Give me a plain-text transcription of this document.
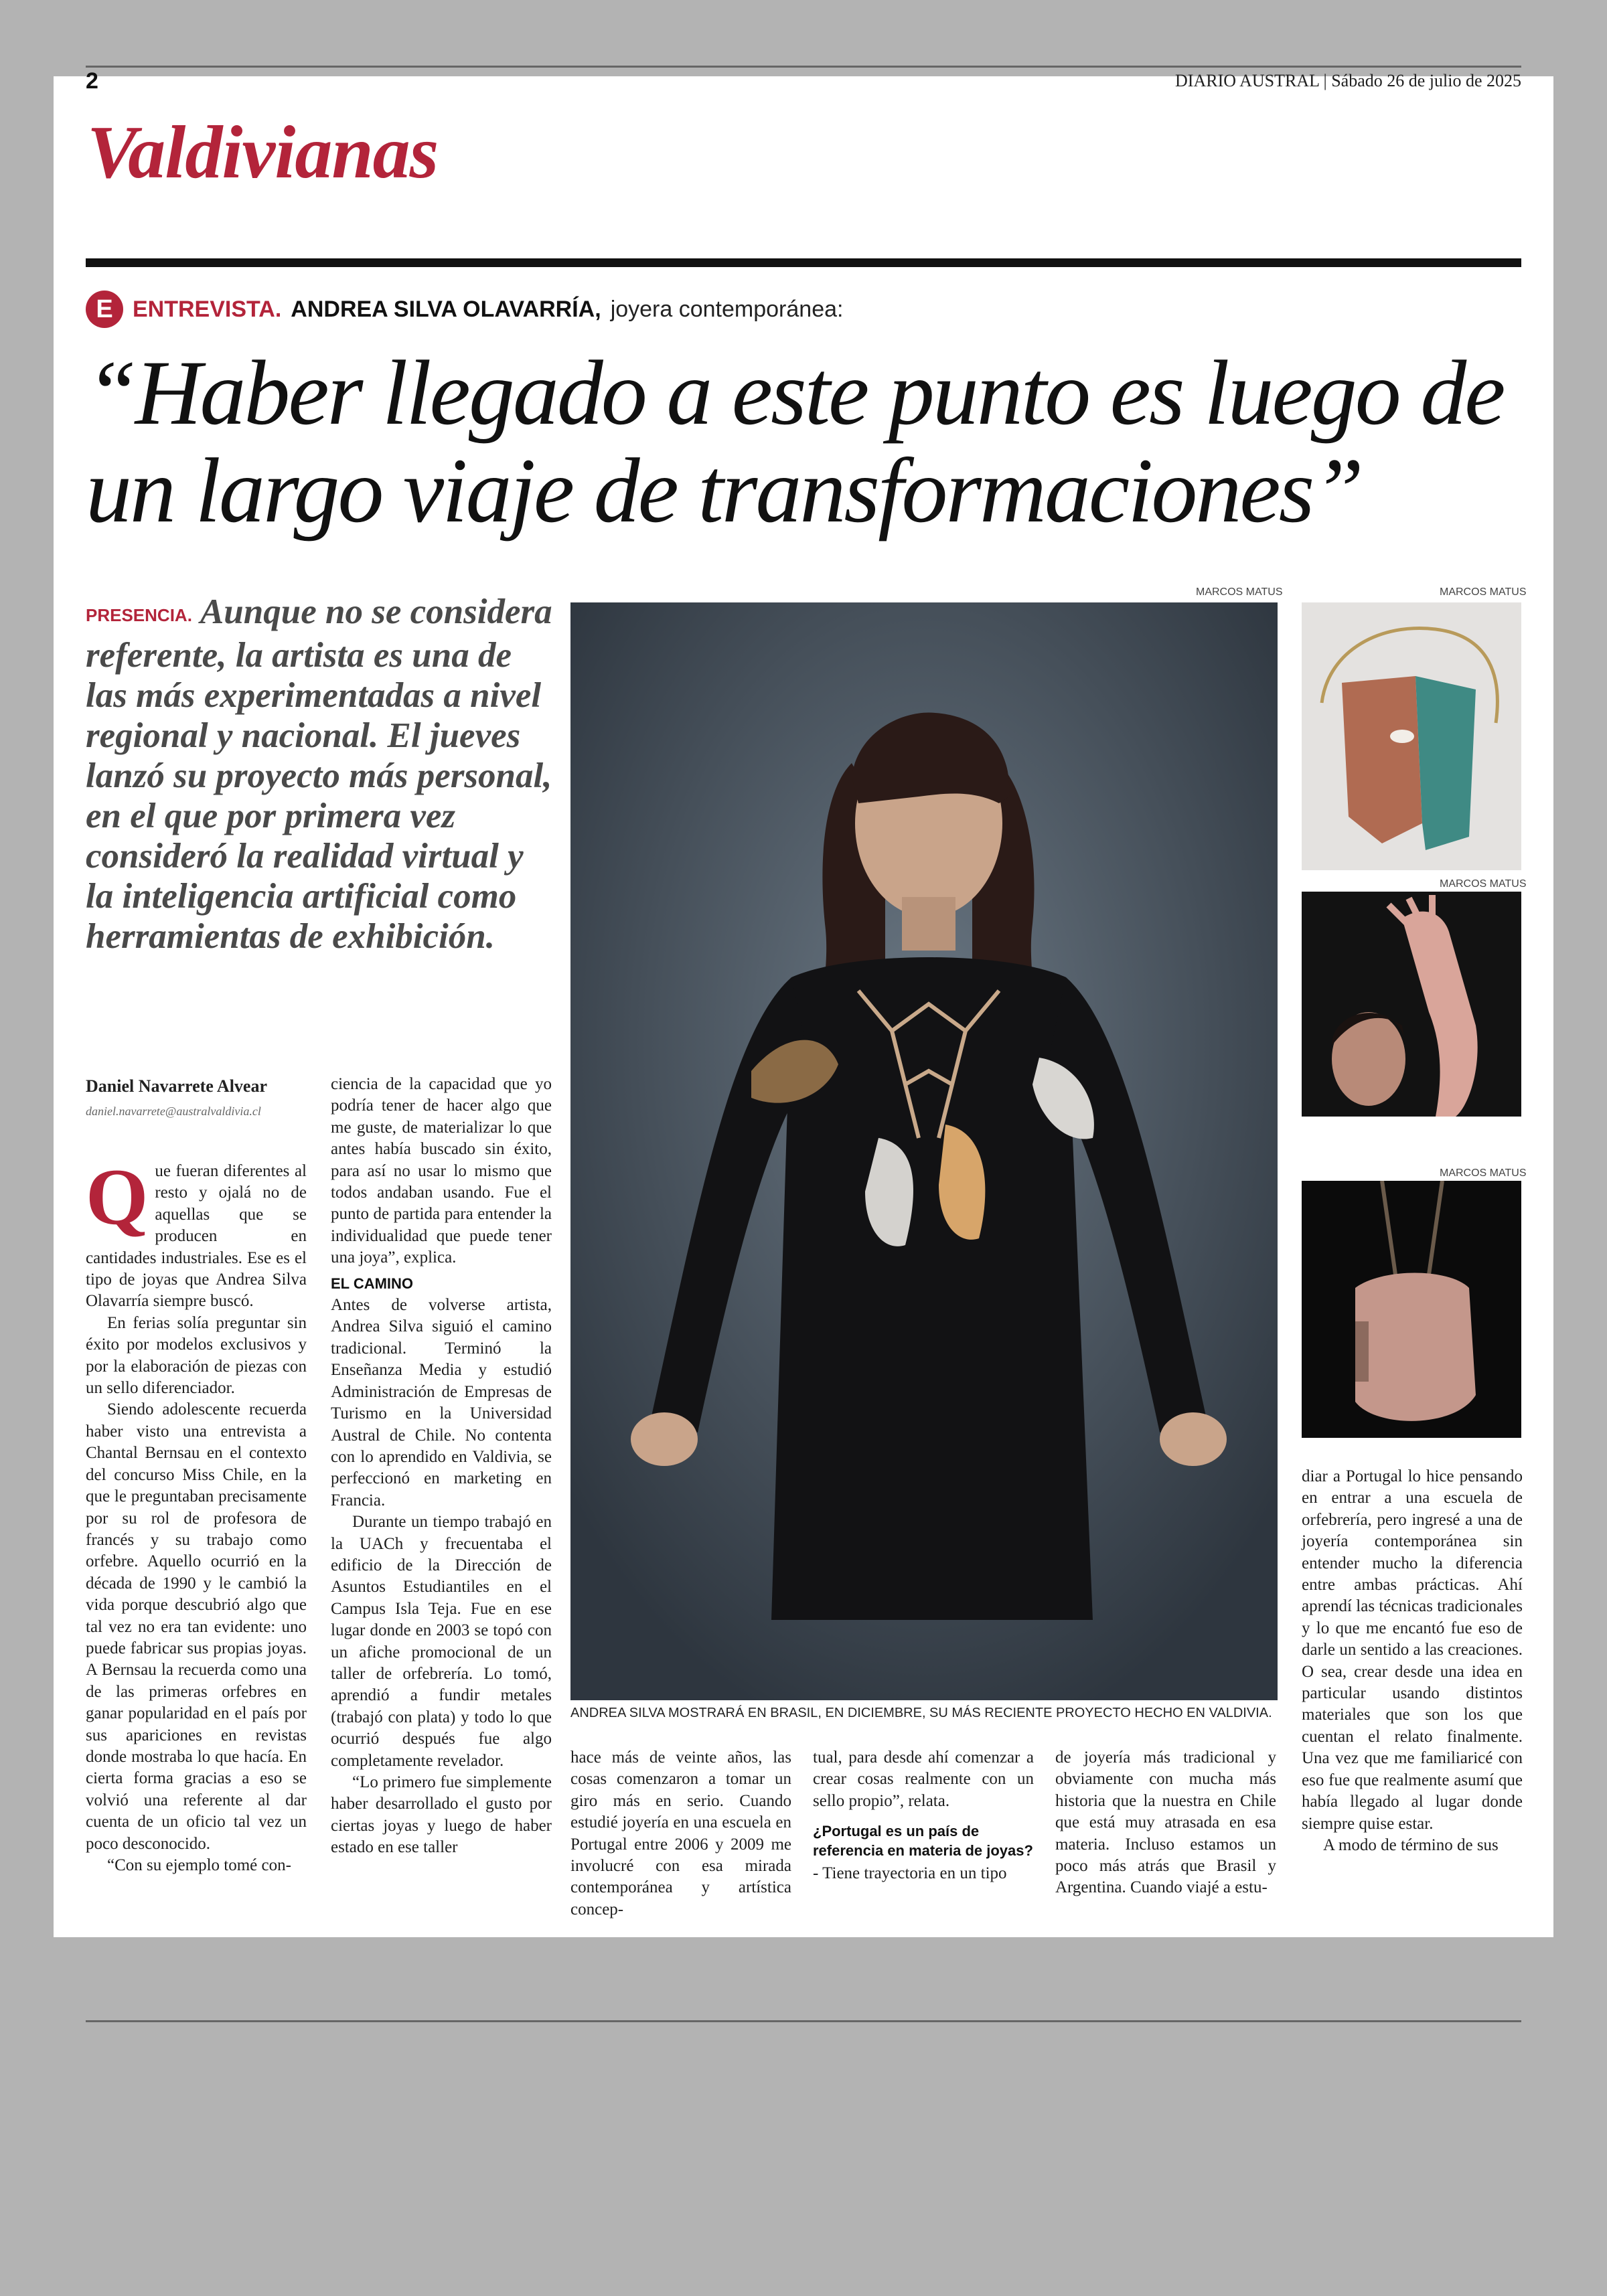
2	DIARIO AUSTRAL | Sábado 26 de julio de 2025
Valdivianas
E ENTREVISTA. ANDREA SILVA OLAVARRÍA, joyera contemporánea:
“Haber llegado a este punto es luego de un largo viaje de transformaciones”
PRESENCIA. Aunque no se considera referente, la artista es una de las más experimentadas a nivel regional y nacional. El jueves lanzó su proyecto más personal, en el que por primera vez consideró la realidad virtual y la inteligencia artificial como herramientas de exhibición.
MARCOS MATUS
ANDREA SILVA MOSTRARÁ EN BRASIL, EN DICIEMBRE, SU MÁS RECIENTE PROYECTO HECHO EN VALDIVIA.
MARCOS MATUS
MARCOS MATUS
MARCOS MATUS
Daniel Navarrete Alvear
daniel.navarrete@australvaldivia.cl

Que fueran diferentes al resto y ojalá no de aquellas que se producen en cantidades industriales. Ese es el tipo de joyas que Andrea Silva Olavarría siempre buscó.

En ferias solía preguntar sin éxito por modelos exclusivos y por la elaboración de piezas con un sello diferenciador.

Siendo adolescente recuerda haber visto una entrevista a Chantal Bernsau en el contexto del concurso Miss Chile, en la que le preguntaban precisamente por su rol de profesora de francés y su trabajo como orfebre. Aquello ocurrió en la década de 1990 y le cambió la vida porque descubrió algo que tal vez no era tan evidente: uno puede fabricar sus propias joyas. A Bernsau la recuerda como una de las primeras orfebres en ganar popularidad en el país por sus apariciones en revistas donde mostraba lo que hacía. En cierta forma gracias a eso se volvió una referente al dar cuenta de un oficio tal vez un poco desconocido.

“Con su ejemplo tomé con-

ciencia de la capacidad que yo podría tener de hacer algo que me guste, de materializar lo que antes había buscado sin éxito, para así no usar lo mismo que todos andaban usando. Fue el punto de partida para entender la individualidad que puede tener una joya”, explica.

EL CAMINO

Antes de volverse artista, Andrea Silva siguió el camino tradicional. Terminó la Enseñanza Media y estudió Administración de Empresas de Turismo en la Universidad Austral de Chile. No contenta con lo aprendido en Valdivia, se perfeccionó en marketing en Francia.

Durante un tiempo trabajó en la UACh y frecuentaba el edificio de la Dirección de Asuntos Estudiantiles en el Campus Isla Teja. Fue en ese lugar donde en 2003 se topó con un afiche promocional de un taller de orfebrería. Lo tomó, aprendió a fundir metales (trabajó con plata) y todo lo que ocurrió después fue algo completamente revelador.

“Lo primero fue simplemente haber desarrollado el gusto por ciertas joyas y luego de haber estado en ese taller

hace más de veinte años, las cosas comenzaron a tomar un giro más en serio. Cuando estudié joyería en una escuela en Portugal entre 2006 y 2009 me involucré con esa mirada contemporánea y artística concep-

tual, para desde ahí comenzar a crear cosas realmente con un sello propio”, relata.

¿Portugal es un país de referencia en materia de joyas?

- Tiene trayectoria en un tipo

de joyería más tradicional y obviamente con mucha más historia que la nuestra en Chile que está muy atrasada en esa materia. Incluso estamos un poco más atrás que Brasil y Argentina. Cuando viajé a estu-

diar a Portugal lo hice pensando en entrar a una escuela de orfebrería, pero ingresé a una de joyería contemporánea sin entender mucho la diferencia entre ambas prácticas. Ahí aprendí las técnicas tradicionales y lo que me encantó fue eso de darle un sentido a las creaciones. O sea, crear desde una idea en particular usando distintos materiales que son los que cuentan el relato finalmente. Una vez que me familiaricé con eso fue que realmente asumí que había llegado al lugar donde siempre quise estar.

A modo de término de sus
